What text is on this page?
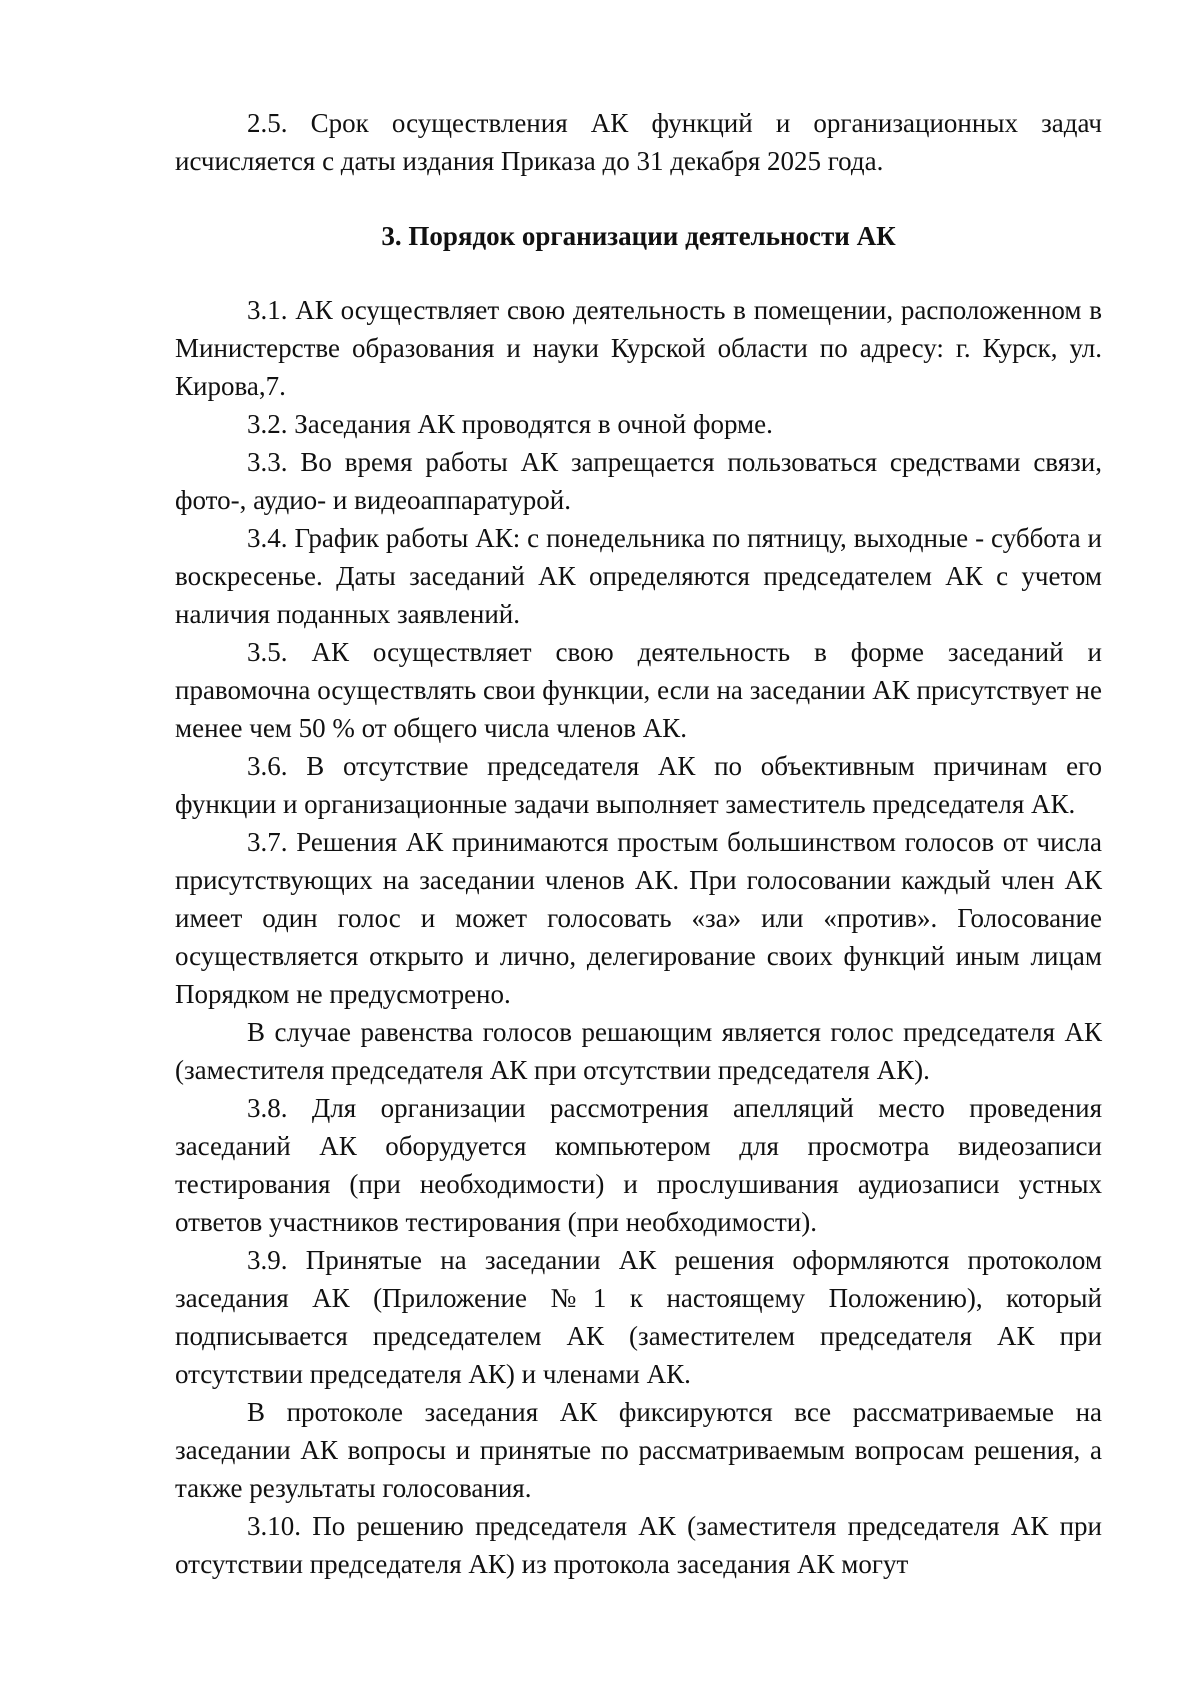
2.5. Срок осуществления АК функций и организационных задач исчисляется с даты издания Приказа до 31 декабря 2025 года.

3. Порядок организации деятельности АК

3.1. АК осуществляет свою деятельность в помещении, расположенном в Министерстве образования и науки Курской области по адресу: г. Курск, ул. Кирова,7.

3.2. Заседания АК проводятся в очной форме.

3.3. Во время работы АК запрещается пользоваться средствами связи, фото-, аудио- и видеоаппаратурой.

3.4. График работы АК: с понедельника по пятницу, выходные - суббота и воскресенье. Даты заседаний АК определяются председателем АК с учетом наличия поданных заявлений.

3.5. АК осуществляет свою деятельность в форме заседаний и правомочна осуществлять свои функции, если на заседании АК присутствует не менее чем 50 % от общего числа членов АК.

3.6. В отсутствие председателя АК по объективным причинам его функции и организационные задачи выполняет заместитель председателя АК.

3.7. Решения АК принимаются простым большинством голосов от числа присутствующих на заседании членов АК. При голосовании каждый член АК имеет один голос и может голосовать «за» или «против». Голосование осуществляется открыто и лично, делегирование своих функций иным лицам Порядком не предусмотрено.

В случае равенства голосов решающим является голос председателя АК (заместителя председателя АК при отсутствии председателя АК).

3.8. Для организации рассмотрения апелляций место проведения заседаний АК оборудуется компьютером для просмотра видеозаписи тестирования (при необходимости) и прослушивания аудиозаписи устных ответов участников тестирования (при необходимости).

3.9. Принятые на заседании АК решения оформляются протоколом заседания АК (Приложение №1 к настоящему Положению), который подписывается председателем АК (заместителем председателя АК при отсутствии председателя АК) и членами АК.

В протоколе заседания АК фиксируются все рассматриваемые на заседании АК вопросы и принятые по рассматриваемым вопросам решения, а также результаты голосования.

3.10. По решению председателя АК (заместителя председателя АК при отсутствии председателя АК) из протокола заседания АК могут
